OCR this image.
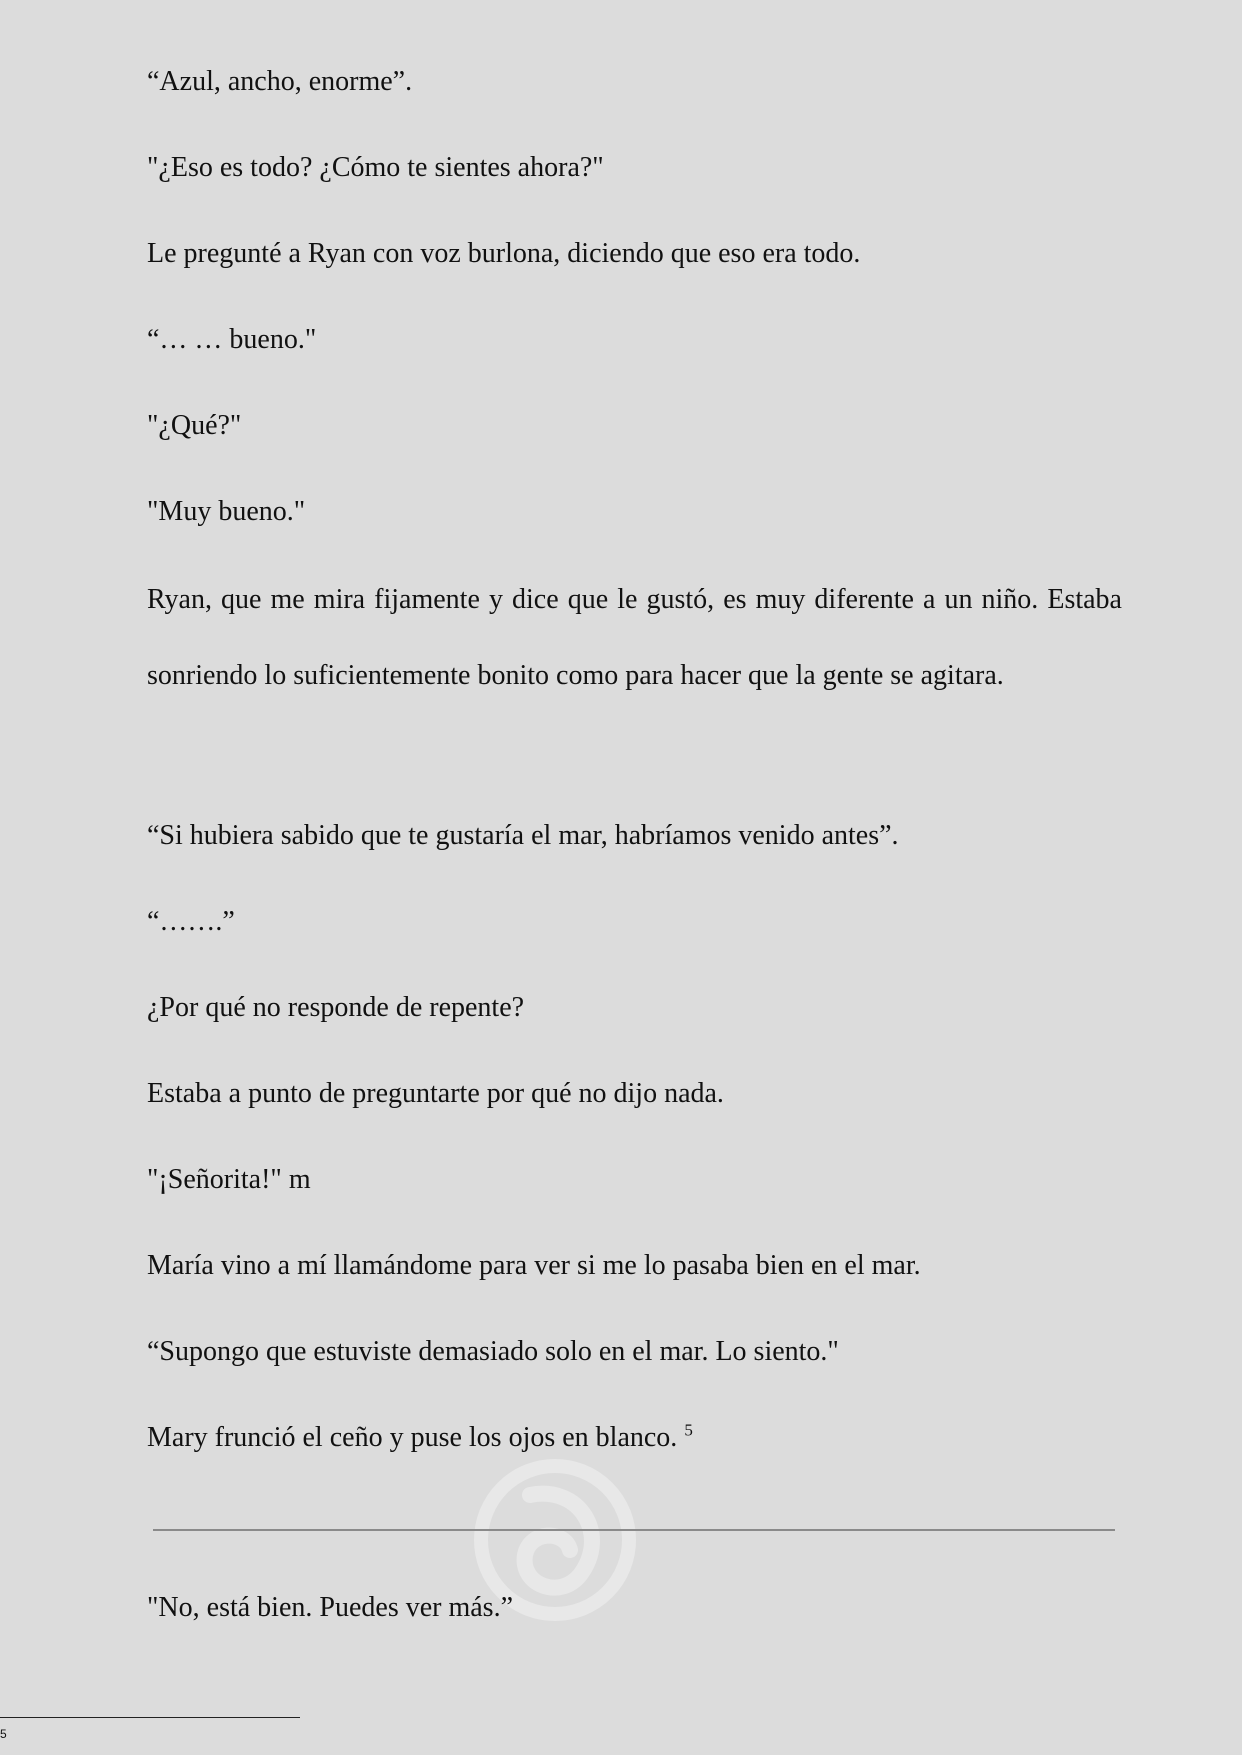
“Azul, ancho, enorme”.

"¿Eso es todo? ¿Cómo te sientes ahora?"

Le pregunté a Ryan con voz burlona, diciendo que eso era todo.

“… … bueno."

"¿Qué?"

"Muy bueno."

Ryan, que me mira fijamente y dice que le gustó, es muy diferente a un niño. Estaba sonriendo lo suficientemente bonito como para hacer que la gente se agitara.

“Si hubiera sabido que te gustaría el mar, habríamos venido antes”.

“…….”

¿Por qué no responde de repente?

Estaba a punto de preguntarte por qué no dijo nada.

"¡Señorita!" m

María vino a mí llamándome para ver si me lo pasaba bien en el mar.

“Supongo que estuviste demasiado solo en el mar. Lo siento."

Mary frunció el ceño y puse los ojos en blanco. $^5$

"No, está bien. Puedes ver más.”

5
